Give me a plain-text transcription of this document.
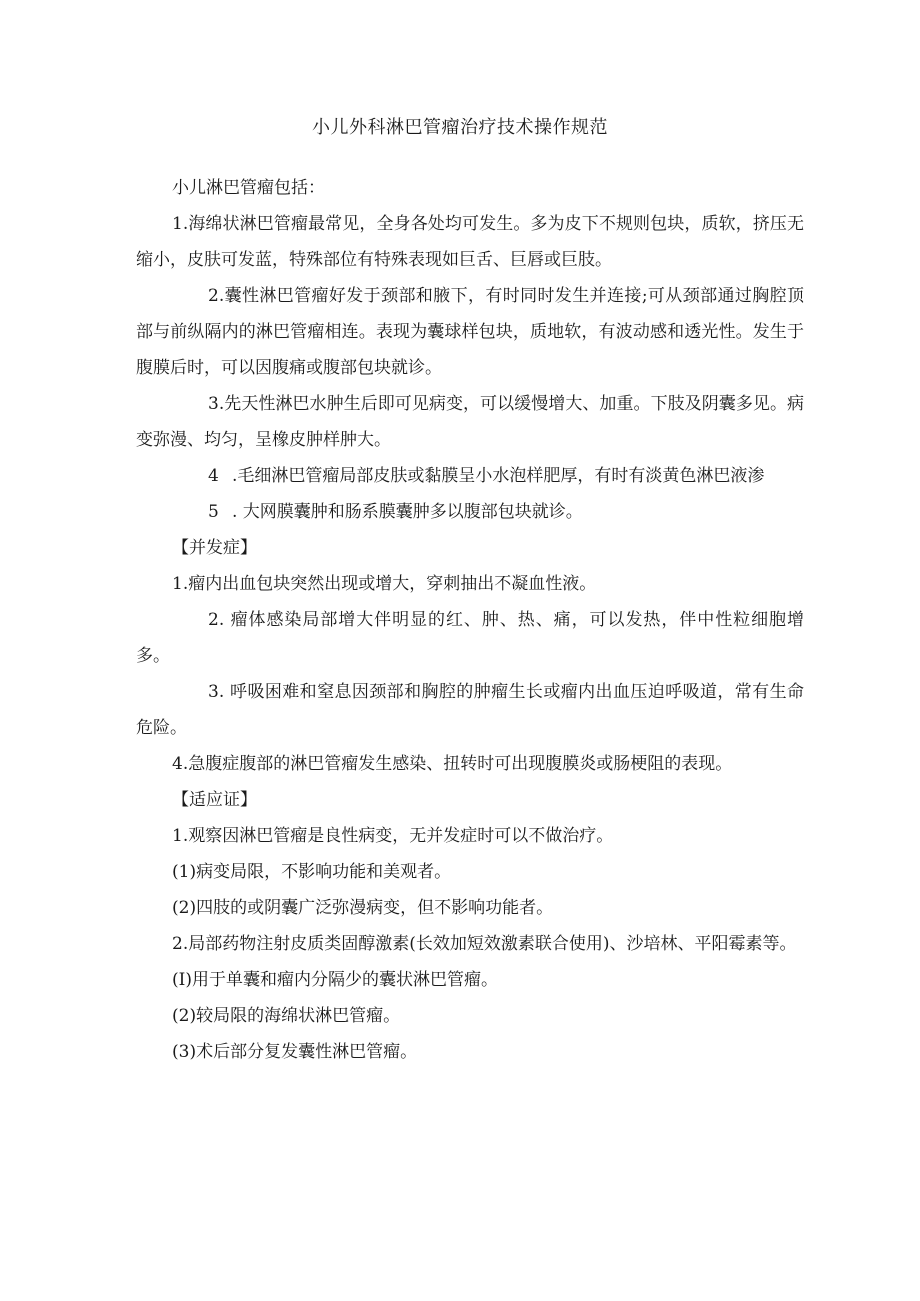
小儿外科淋巴管瘤治疗技术操作规范

小儿淋巴管瘤包括：

1.海绵状淋巴管瘤最常见，全身各处均可发生。多为皮下不规则包块，质软，挤压无缩小，皮肤可发蓝，特殊部位有特殊表现如巨舌、巨唇或巨肢。

2.囊性淋巴管瘤好发于颈部和腋下，有时同时发生并连接;可从颈部通过胸腔顶部与前纵隔内的淋巴管瘤相连。表现为囊球样包块，质地软，有波动感和透光性。发生于腹膜后时，可以因腹痛或腹部包块就诊。

3.先天性淋巴水肿生后即可见病变，可以缓慢增大、加重。下肢及阴囊多见。病变弥漫、均匀，呈橡皮肿样肿大。

4 .毛细淋巴管瘤局部皮肤或黏膜呈小水泡样肥厚，有时有淡黄色淋巴液渗

5 . 大网膜囊肿和肠系膜囊肿多以腹部包块就诊。

【并发症】

1.瘤内出血包块突然出现或增大，穿刺抽出不凝血性液。

2. 瘤体感染局部增大伴明显的红、肿、热、痛，可以发热，伴中性粒细胞增多。

3. 呼吸困难和窒息因颈部和胸腔的肿瘤生长或瘤内出血压迫呼吸道，常有生命危险。

4.急腹症腹部的淋巴管瘤发生感染、扭转时可出现腹膜炎或肠梗阻的表现。

【适应证】

1.观察因淋巴管瘤是良性病变，无并发症时可以不做治疗。

(1)病变局限，不影响功能和美观者。

(2)四肢的或阴囊广泛弥漫病变，但不影响功能者。

2.局部药物注射皮质类固醇激素(长效加短效激素联合使用)、沙培林、平阳霉素等。

(I)用于单囊和瘤内分隔少的囊状淋巴管瘤。

(2)较局限的海绵状淋巴管瘤。

(3)术后部分复发囊性淋巴管瘤。
